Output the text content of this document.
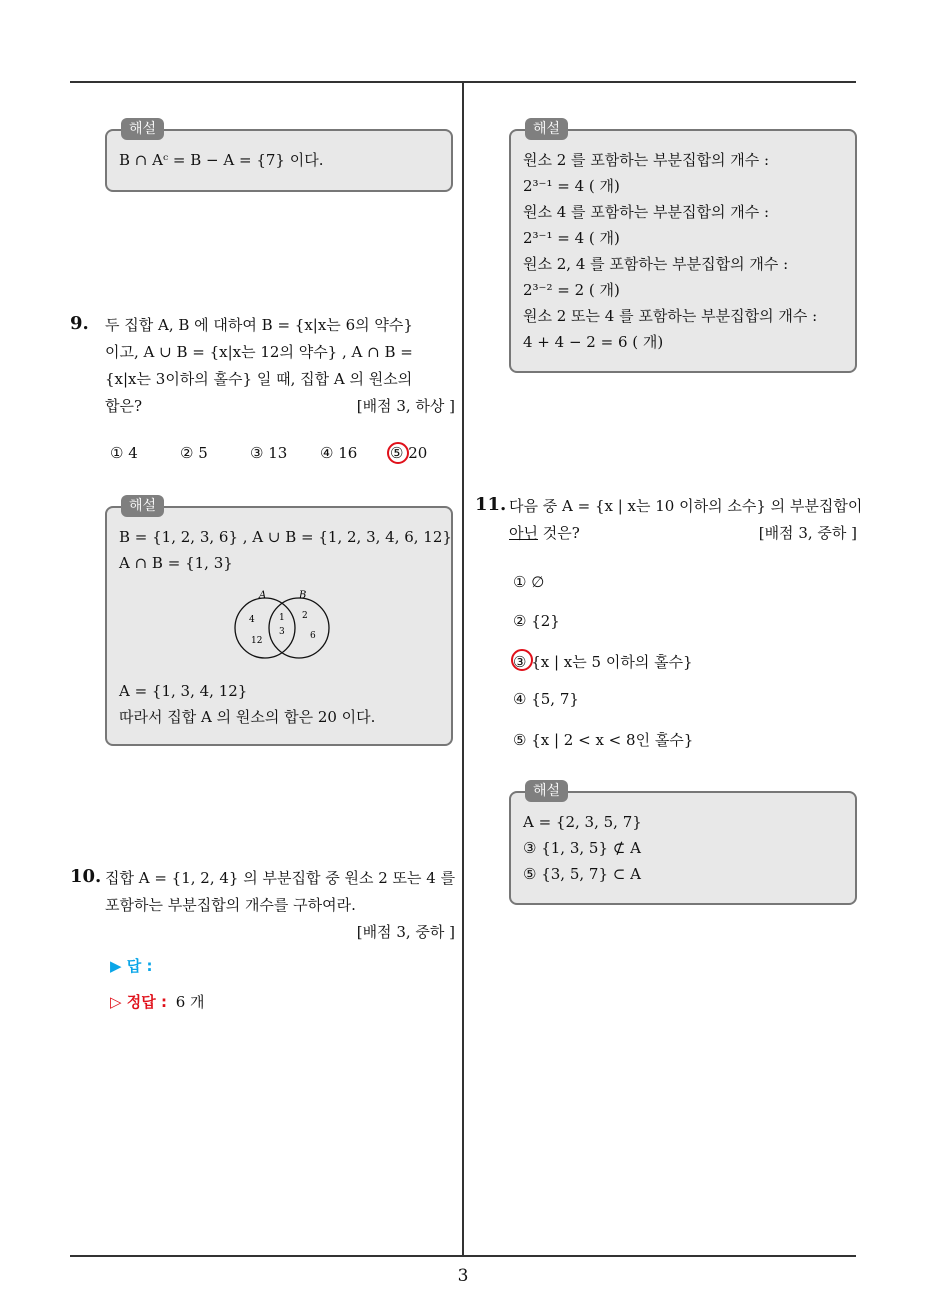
3
해설
B ∩ Aᶜ = B − A = {7} 이다.
9. 두 집합 A, B 에 대하여 B = {x|x는 6의 약수}
이고, A ∪ B = {x|x는 12의 약수} , A ∩ B =
{x|x는 3이하의 홀수} 일 때, 집합 A 의 원소의
합은?	[배점 3, 하상 ]
① 4	② 5	③ 13 ④ 16 ⑤ 20
해설
B = {1, 2, 3, 6} , A ∪ B = {1, 2, 3, 4, 6, 12}
A ∩ B = {1, 3}
A	B
4
12
1
3
2
6
A = {1, 3, 4, 12}
따라서 집합 A 의 원소의 합은 20 이다.
10. 집합 A = {1, 2, 4} 의 부분집합 중 원소 2 또는 4 를
포함하는 부분집합의 개수를 구하여라.
[배점 3, 중하 ]
▶ 답 :
▷ 정답 : 6 개
해설
원소 2 를 포함하는 부분집합의 개수 :
2³⁻¹ = 4 ( 개)
원소 4 를 포함하는 부분집합의 개수 :
2³⁻¹ = 4 ( 개)
원소 2, 4 를 포함하는 부분집합의 개수 :
2³⁻² = 2 ( 개)
원소 2 또는 4 를 포함하는 부분집합의 개수 :
4 + 4 − 2 = 6 ( 개)
11. 다음 중 A = {x | x는 10 이하의 소수} 의 부분집합이
아닌 것은?	[배점 3, 중하 ]
① ∅
② {2}
③ {x | x는 5 이하의 홀수}
④ {5, 7}
⑤ {x | 2 < x < 8인 홀수}
해설
A = {2, 3, 5, 7}
③ {1, 3, 5} ⊄ A
⑤ {3, 5, 7} ⊂ A
